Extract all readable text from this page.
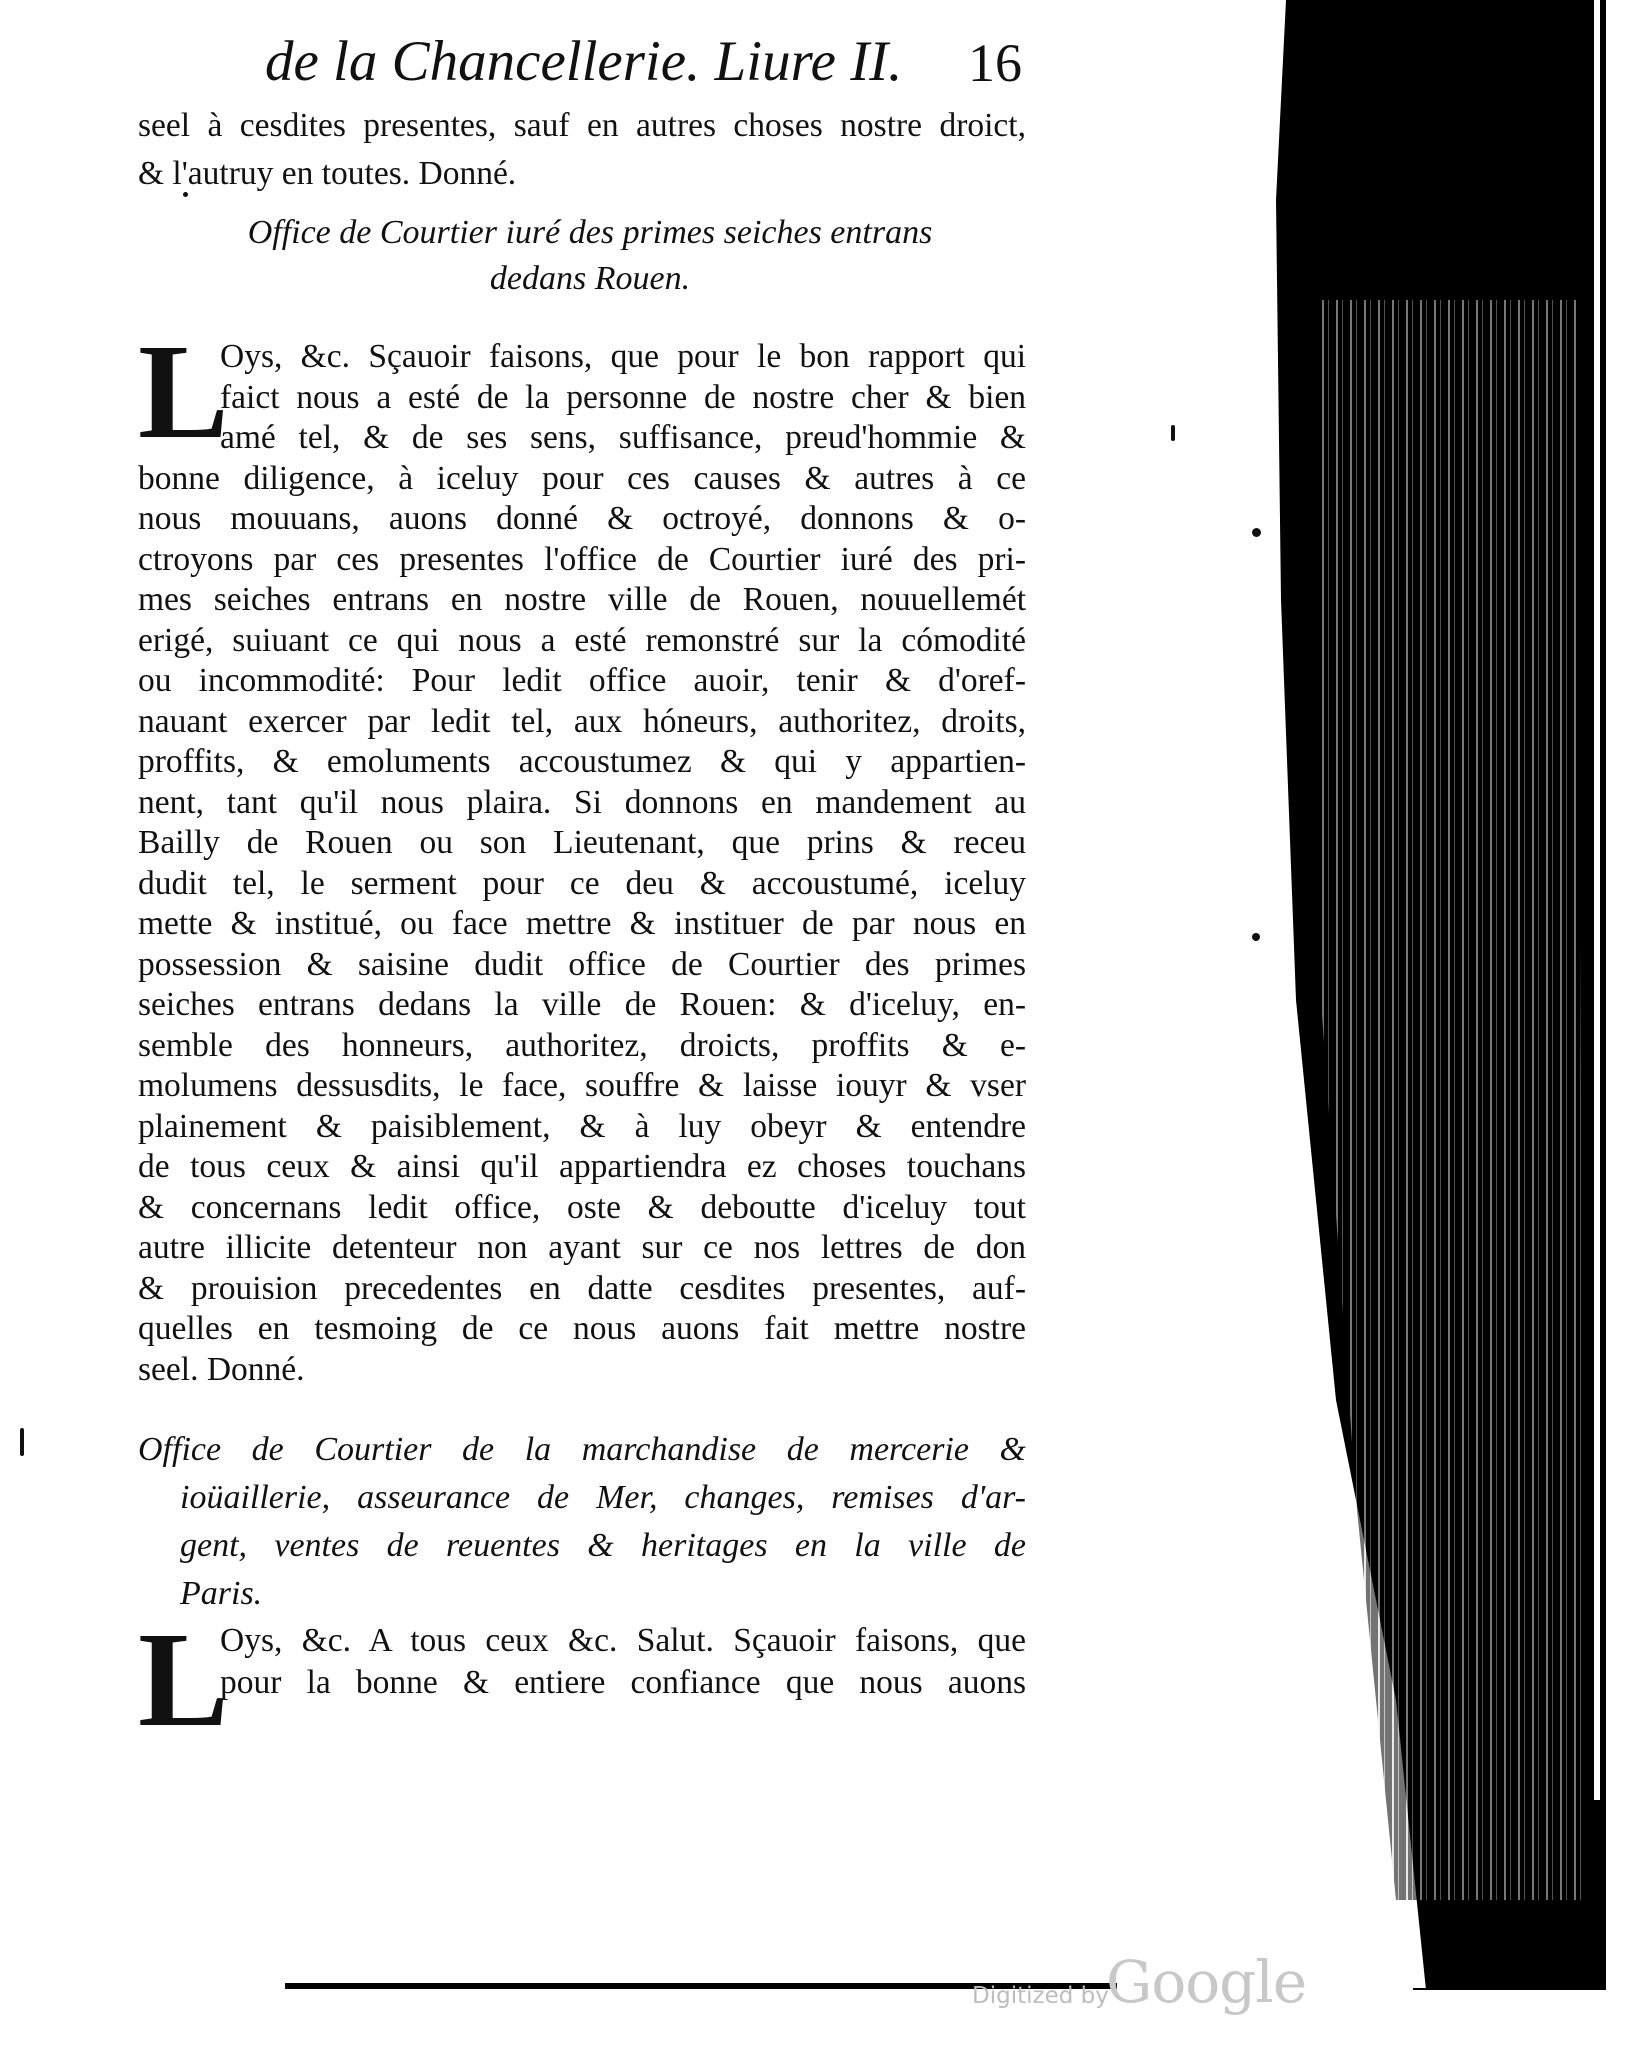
de la Chancellerie. Liure II.	16
seel à cesdites presentes, sauf en autres choses nostre droict,
& l'autruy en toutes. Donné.
Office de Courtier iuré des primes seiches entrans
dedans Rouen.
L
Oys, &c. Sçauoir faisons, que pour le bon rapport qui
faict nous a esté de la personne de nostre cher & bien
amé tel, & de ses sens, suffisance, preud'hommie &
bonne diligence, à iceluy pour ces causes & autres à ce
nous mouuans, auons donné & octroyé, donnons & o-
ctroyons par ces presentes l'office de Courtier iuré des pri-
mes seiches entrans en nostre ville de Rouen, nouuellemét
erigé, suiuant ce qui nous a esté remonstré sur la cómodité
ou incommodité: Pour ledit office auoir, tenir & d'oref-
nauant exercer par ledit tel, aux hóneurs, authoritez, droits,
proffits, & emoluments accoustumez & qui y appartien-
nent, tant qu'il nous plaira. Si donnons en mandement au
Bailly de Rouen ou son Lieutenant, que prins & receu
dudit tel, le serment pour ce deu & accoustumé, iceluy
mette & institué, ou face mettre & instituer de par nous en
possession & saisine dudit office de Courtier des primes
seiches entrans dedans la ville de Rouen: & d'iceluy, en-
semble des honneurs, authoritez, droicts, proffits & e-
molumens dessusdits, le face, souffre & laisse iouyr & vser
plainement & paisiblement, & à luy obeyr & entendre
de tous ceux & ainsi qu'il appartiendra ez choses touchans
& concernans ledit office, oste & deboutte d'iceluy tout
autre illicite detenteur non ayant sur ce nos lettres de don
& prouision precedentes en datte cesdites presentes, auf-
quelles en tesmoing de ce nous auons fait mettre nostre
seel. Donné.
Office de Courtier de la marchandise de mercerie &
ioüaillerie, asseurance de Mer, changes, remises d'ar-
gent, ventes de reuentes & heritages en la ville de
Paris.
L
Oys, &c. A tous ceux &c. Salut. Sçauoir faisons, que
pour la bonne & entiere confiance que nous auons
Digitized by
Google
